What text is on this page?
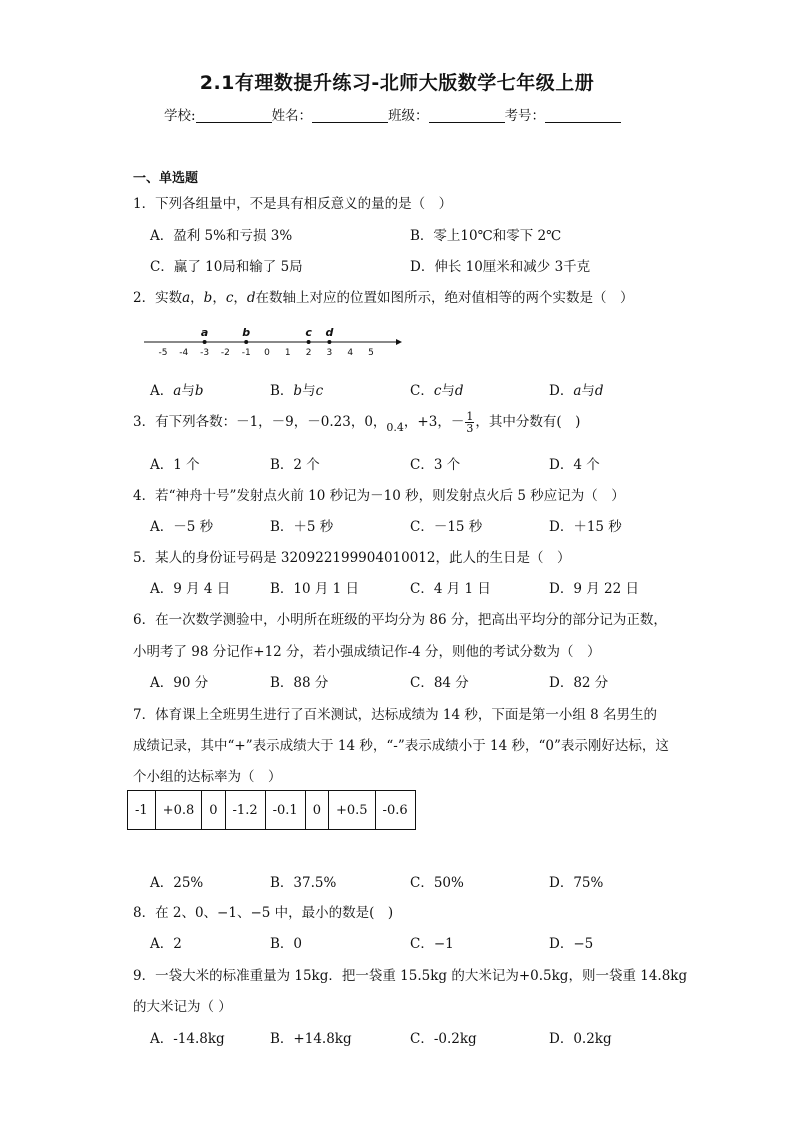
2.1有理数提升练习-北师大版数学七年级上册
学校:	姓名：	班级：	考号：
一、单选题
1．下列各组量中，不是具有相反意义的量的是（　）
A．盈利 5%和亏损 3%	B．零上10℃和零下 2℃
C．赢了 10局和输了 5局	D．伸长 10厘米和减少 3千克
2．实数a，b，c，d在数轴上对应的位置如图所示，绝对值相等的两个实数是（　）
-5 -4 -3 -2 -1 0 1 2 3 4 5
a	b	c d
A．a与b	B．b与c	C．c与d	D．a与d
3．有下列各数：－1，－9，－0.23，0，$_{0.4}$，+3，－ $\frac{1}{3}$ ，其中分数有(　)
A．1 个	B．2 个	C．3 个	D．4 个
4．若“神舟十号”发射点火前 10 秒记为－10 秒，则发射点火后 5 秒应记为（　）
A．－5 秒	B．＋5 秒	C．－15 秒	D．＋15 秒
5．某人的身份证号码是 320922199904010012，此人的生日是（　）
A．9 月 4 日	B．10 月 1 日	C．4 月 1 日	D．9 月 22 日
6．在一次数学测验中，小明所在班级的平均分为 86 分，把高出平均分的部分记为正数，
小明考了 98 分记作+12 分，若小强成绩记作-4 分，则他的考试分数为（　）
A．90 分	B．88 分	C．84 分	D．82 分
7．体育课上全班男生进行了百米测试，达标成绩为 14 秒，下面是第一小组 8 名男生的
成绩记录，其中“+”表示成绩大于 14 秒，“-”表示成绩小于 14 秒，“0”表示刚好达标，这
个小组的达标率为（　）
-1	+0.8	0	-1.2	-0.1	0	+0.5	-0.6
A．25%	B．37.5%	C．50%	D．75%
8．在 2、0、−1、−5 中，最小的数是(　)
A．2	B．0	C．−1	D．−5
9．一袋大米的标准重量为 15kg．把一袋重 15.5kg 的大米记为+0.5kg，则一袋重 14.8kg
的大米记为（ ）
A．-14.8kg	B．+14.8kg	C．-0.2kg	D．0.2kg
